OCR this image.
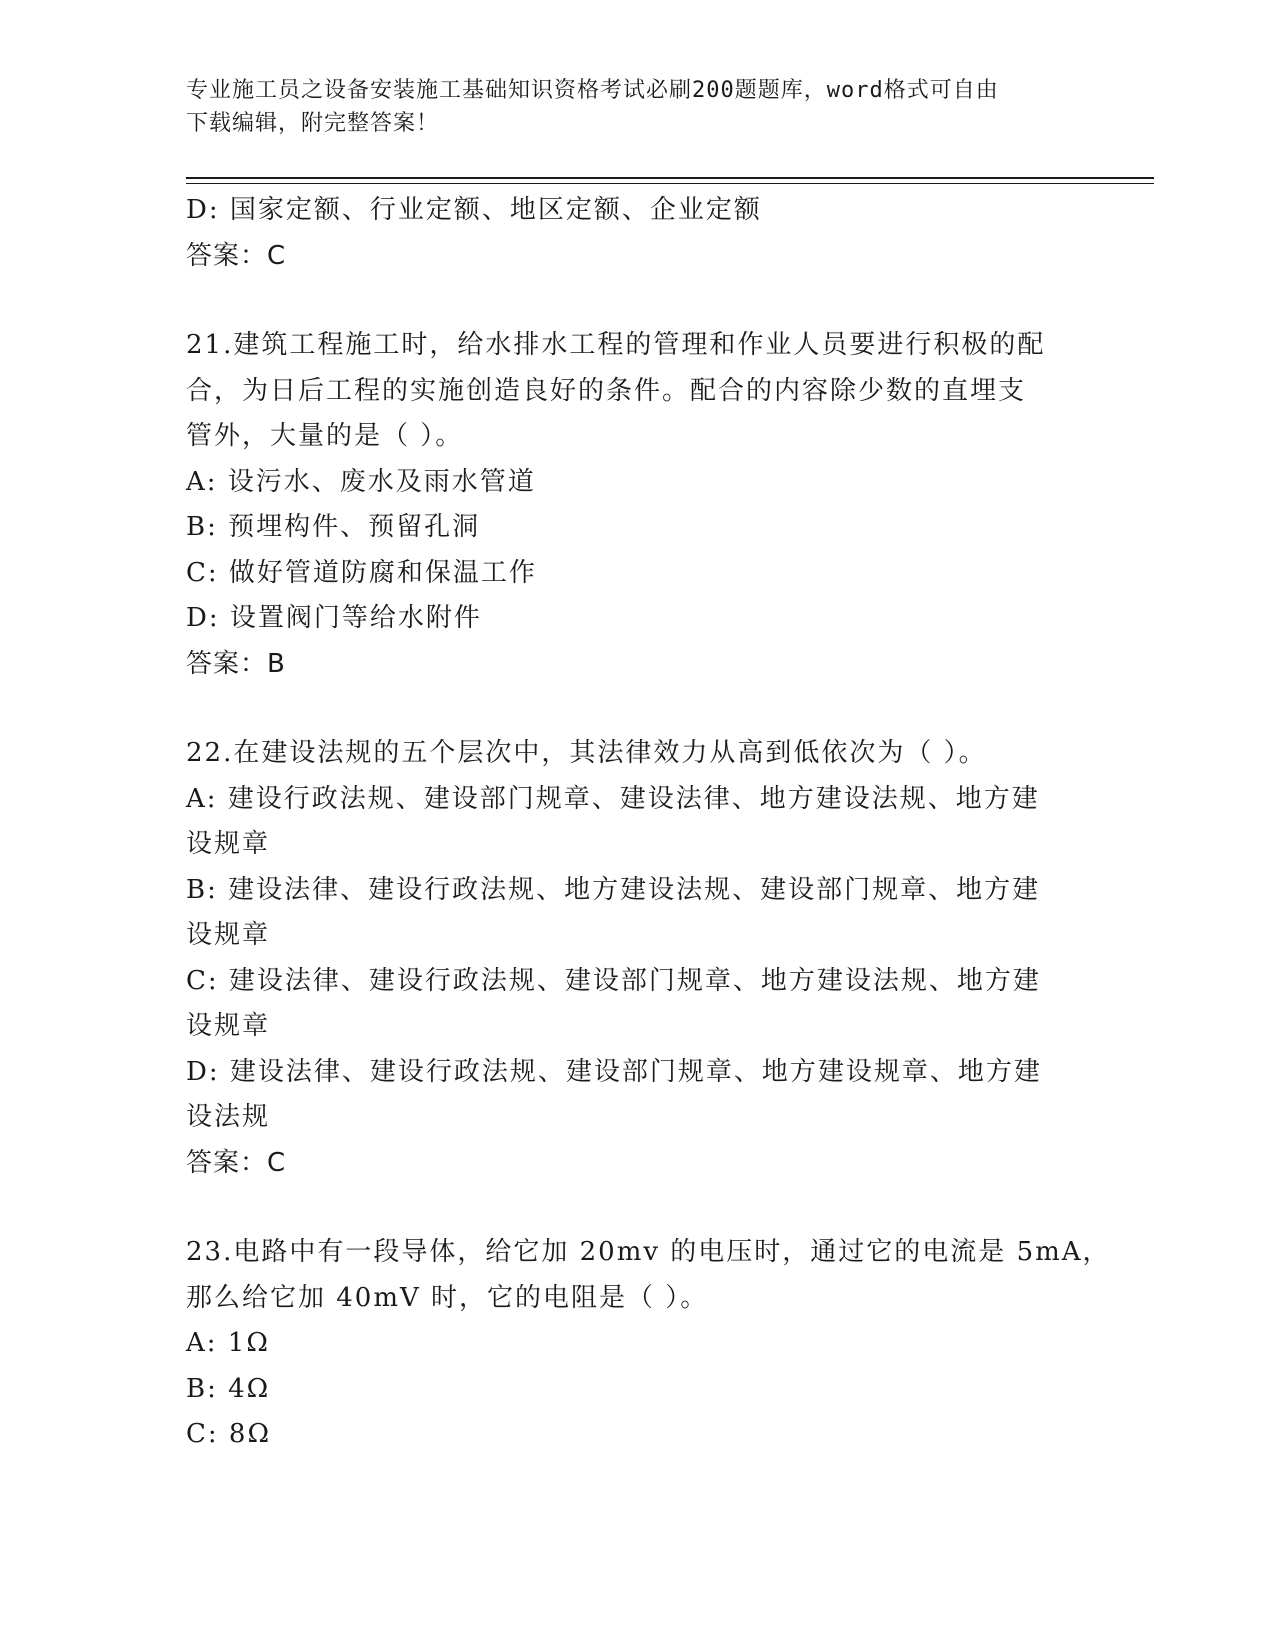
专业施工员之设备安装施工基础知识资格考试必刷200题题库，word格式可自由
下载编辑，附完整答案！
D: 国家定额、行业定额、地区定额、企业定额
答案：C
21.建筑工程施工时，给水排水工程的管理和作业人员要进行积极的配
合，为日后工程的实施创造良好的条件。配合的内容除少数的直埋支
管外，大量的是（ ）。
A: 设污水、废水及雨水管道
B: 预埋构件、预留孔洞
C: 做好管道防腐和保温工作
D: 设置阀门等给水附件
答案：B
22.在建设法规的五个层次中，其法律效力从高到低依次为（ ）。
A: 建设行政法规、建设部门规章、建设法律、地方建设法规、地方建
设规章
B: 建设法律、建设行政法规、地方建设法规、建设部门规章、地方建
设规章
C: 建设法律、建设行政法规、建设部门规章、地方建设法规、地方建
设规章
D: 建设法律、建设行政法规、建设部门规章、地方建设规章、地方建
设法规
答案：C
23.电路中有一段导体，给它加 20mv 的电压时，通过它的电流是 5mA，
那么给它加 40mV 时，它的电阻是（ ）。
A: 1Ω
B: 4Ω
C: 8Ω
